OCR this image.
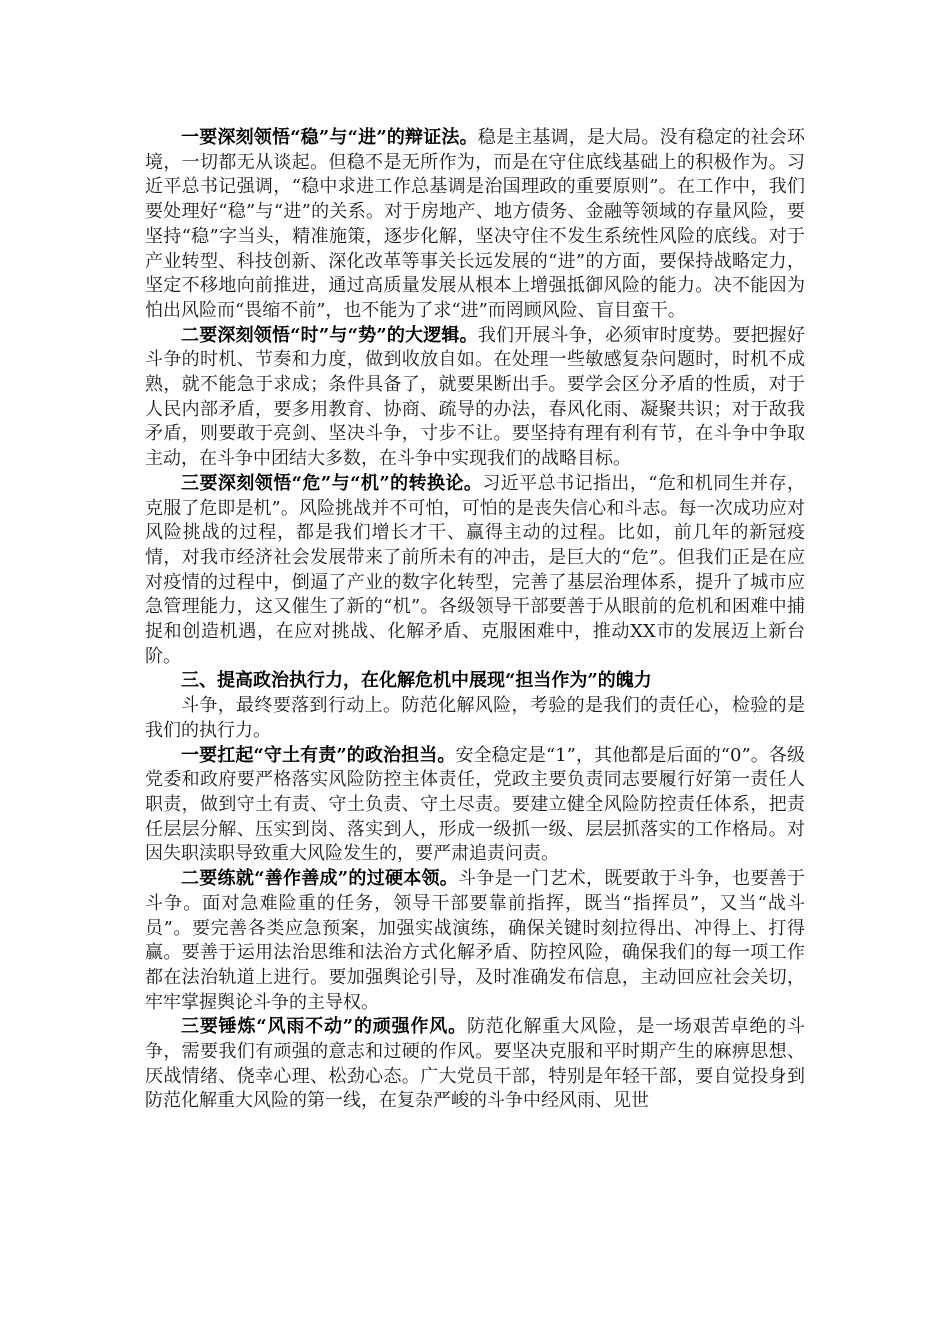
一要深刻领悟“稳”与“进”的辩证法。稳是主基调，是大局。没有稳定的社会环境，一切都无从谈起。但稳不是无所作为，而是在守住底线基础上的积极作为。习近平总书记强调，“稳中求进工作总基调是治国理政的重要原则”。在工作中，我们要处理好“稳”与“进”的关系。对于房地产、地方债务、金融等领域的存量风险，要坚持“稳”字当头，精准施策，逐步化解，坚决守住不发生系统性风险的底线。对于产业转型、科技创新、深化改革等事关长远发展的“进”的方面，要保持战略定力，坚定不移地向前推进，通过高质量发展从根本上增强抵御风险的能力。决不能因为怕出风险而“畏缩不前”，也不能为了求“进”而罔顾风险、盲目蛮干。

二要深刻领悟“时”与“势”的大逻辑。我们开展斗争，必须审时度势。要把握好斗争的时机、节奏和力度，做到收放自如。在处理一些敏感复杂问题时，时机不成熟，就不能急于求成；条件具备了，就要果断出手。要学会区分矛盾的性质，对于人民内部矛盾，要多用教育、协商、疏导的办法，春风化雨、凝聚共识；对于敌我矛盾，则要敢于亮剑、坚决斗争，寸步不让。要坚持有理有利有节，在斗争中争取主动，在斗争中团结大多数，在斗争中实现我们的战略目标。

三要深刻领悟“危”与“机”的转换论。习近平总书记指出，“危和机同生并存，克服了危即是机”。风险挑战并不可怕，可怕的是丧失信心和斗志。每一次成功应对风险挑战的过程，都是我们增长才干、赢得主动的过程。比如，前几年的新冠疫情，对我市经济社会发展带来了前所未有的冲击，是巨大的“危”。但我们正是在应对疫情的过程中，倒逼了产业的数字化转型，完善了基层治理体系，提升了城市应急管理能力，这又催生了新的“机”。各级领导干部要善于从眼前的危机和困难中捕捉和创造机遇，在应对挑战、化解矛盾、克服困难中，推动XX市的发展迈上新台阶。

三、提高政治执行力，在化解危机中展现“担当作为”的魄力

斗争，最终要落到行动上。防范化解风险，考验的是我们的责任心，检验的是我们的执行力。

一要扛起“守土有责”的政治担当。安全稳定是“1”，其他都是后面的“0”。各级党委和政府要严格落实风险防控主体责任，党政主要负责同志要履行好第一责任人职责，做到守土有责、守土负责、守土尽责。要建立健全风险防控责任体系，把责任层层分解、压实到岗、落实到人，形成一级抓一级、层层抓落实的工作格局。对因失职渎职导致重大风险发生的，要严肃追责问责。

二要练就“善作善成”的过硬本领。斗争是一门艺术，既要敢于斗争，也要善于斗争。面对急难险重的任务，领导干部要靠前指挥，既当“指挥员”，又当“战斗员”。要完善各类应急预案，加强实战演练，确保关键时刻拉得出、冲得上、打得赢。要善于运用法治思维和法治方式化解矛盾、防控风险，确保我们的每一项工作都在法治轨道上进行。要加强舆论引导，及时准确发布信息，主动回应社会关切，牢牢掌握舆论斗争的主导权。

三要锤炼“风雨不动”的顽强作风。防范化解重大风险，是一场艰苦卓绝的斗争，需要我们有顽强的意志和过硬的作风。要坚决克服和平时期产生的麻痹思想、厌战情绪、侥幸心理、松劲心态。广大党员干部，特别是年轻干部，要自觉投身到防范化解重大风险的第一线，在复杂严峻的斗争中经风雨、见世
